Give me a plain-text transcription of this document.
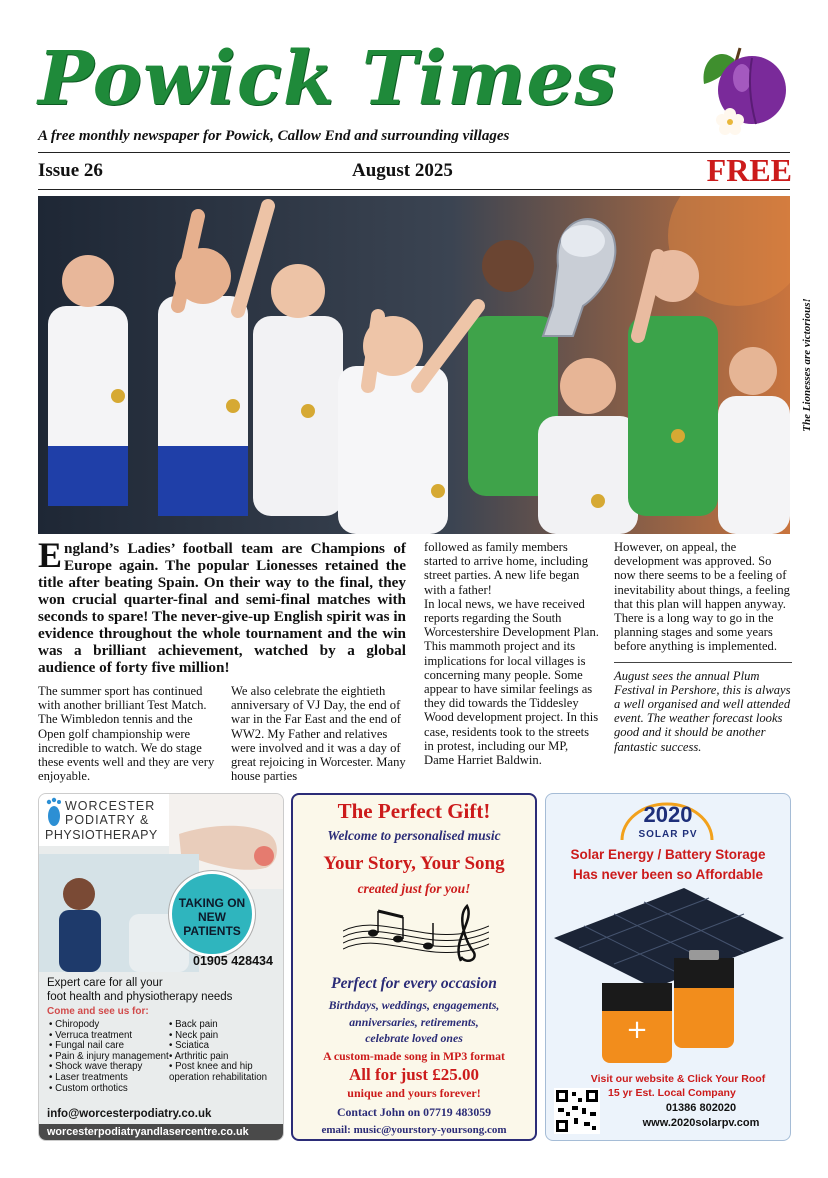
Powick Times
A free monthly newspaper for Powick, Callow End and surrounding villages
Issue 26	August 2025	FREE
The Lionesses are victorious!
England’s Ladies’ football team are Champions of Europe again. The popular Lionesses retained the title after beating Spain. On their way to the final, they won crucial quarter-final and semi-final matches with seconds to spare! The never-give-up English spirit was in evidence throughout the whole tournament and the win was a brilliant achievement, watched by a global audience of forty five million!
The summer sport has continued with another brilliant Test Match. The Wimbledon tennis and the Open golf championship were incredible to watch. We do stage these events well and they are very enjoyable.
We also celebrate the eightieth anniversary of VJ Day, the end of war in the Far East and the end of WW2. My Father and relatives were involved and it was a day of great rejoicing in Worcester. Many house parties
followed as family members started to arrive home, including street parties. A new life began with a father!
In local news, we have received reports regarding the South Worcestershire Development Plan. This mammoth project and its implications for local villages is concerning many people. Some appear to have similar feelings as they did towards the Tiddesley Wood development project. In this case, residents took to the streets in protest, including our MP, Dame Harriet Baldwin.
However, on appeal, the development was approved. So now there seems to be a feeling of inevitability about things, a feeling that this plan will happen anyway. There is a long way to go in the planning stages and some years before anything is implemented.
August sees the annual Plum Festival in Pershore, this is always a well organised and well attended event. The weather forecast looks good and it should be another fantastic success.
WORCESTER
PODIATRY &
PHYSIOTHERAPY
TAKING ON NEW PATIENTS
01905 428434
Expert care for all your
foot health and physiotherapy needs
Come and see us for:
• Chiropody
• Verruca treatment
• Fungal nail care
• Pain & injury management
• Shock wave therapy
• Laser treatments
• Custom orthotics
• Back pain
• Neck pain
• Sciatica
• Arthritic pain
• Post knee and hip operation rehabilitation
info@worcesterpodiatry.co.uk
worcesterpodiatryandlasercentre.co.uk
The Perfect Gift!
Welcome to personalised music
Your Story, Your Song
created just for you!
Perfect for every occasion
Birthdays, weddings, engagements,
anniversaries, retirements,
celebrate loved ones
A custom-made song in MP3 format
All for just £25.00
unique and yours forever!
Contact John on 07719 483059
email: music@yourstory-yoursong.com
2020
SOLAR PV
Solar Energy / Battery Storage
Has never been so Affordable
+
Visit our website & Click Your Roof
15 yr Est. Local Company
01386 802020
www.2020solarpv.com
